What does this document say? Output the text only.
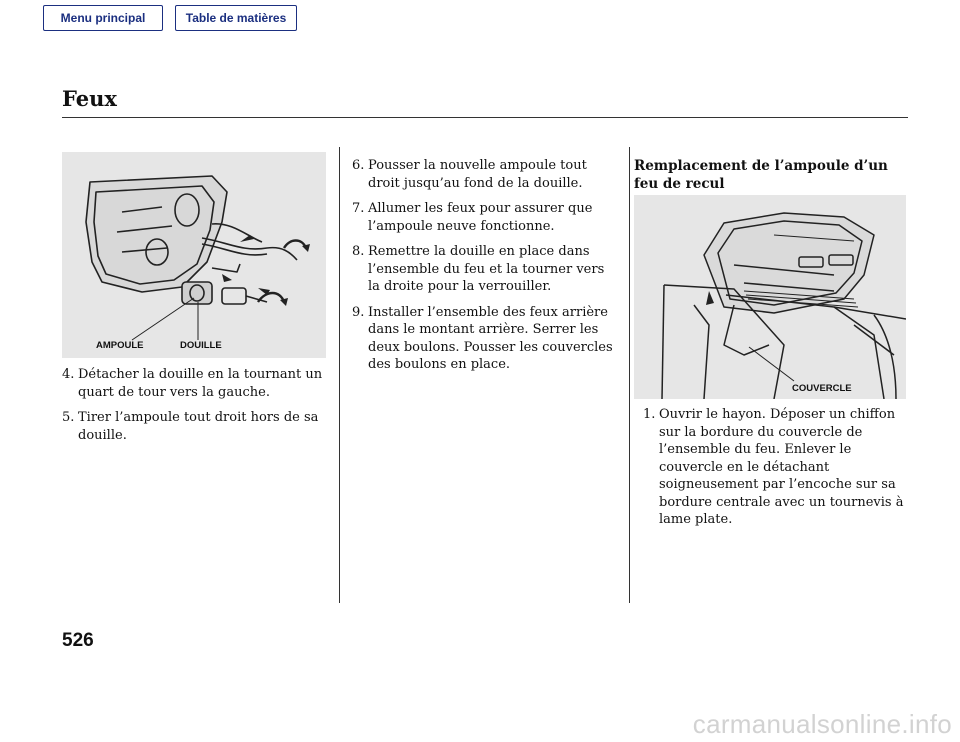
Menu principal	Table de matières
Feux
AMPOULE	DOUILLE
4. Détacher la douille en la tournant un quart de tour vers la gauche.
5. Tirer l’ampoule tout droit hors de sa douille.
6. Pousser la nouvelle ampoule tout droit jusqu’au fond de la douille.
7. Allumer les feux pour assurer que l’ampoule neuve fonctionne.
8. Remettre la douille en place dans l’ensemble du feu et la tourner vers la droite pour la verrouiller.
9. Installer l’ensemble des feux arrière dans le montant arrière. Serrer les deux boulons. Pousser les couvercles des boulons en place.
Remplacement de l’ampoule d’un feu de recul
COUVERCLE
1. Ouvrir le hayon. Déposer un chiffon sur la bordure du couvercle de l’ensemble du feu. Enlever le couvercle en le détachant soigneusement par l’encoche sur sa bordure centrale avec un tournevis à lame plate.
526
carmanualsonline.info
